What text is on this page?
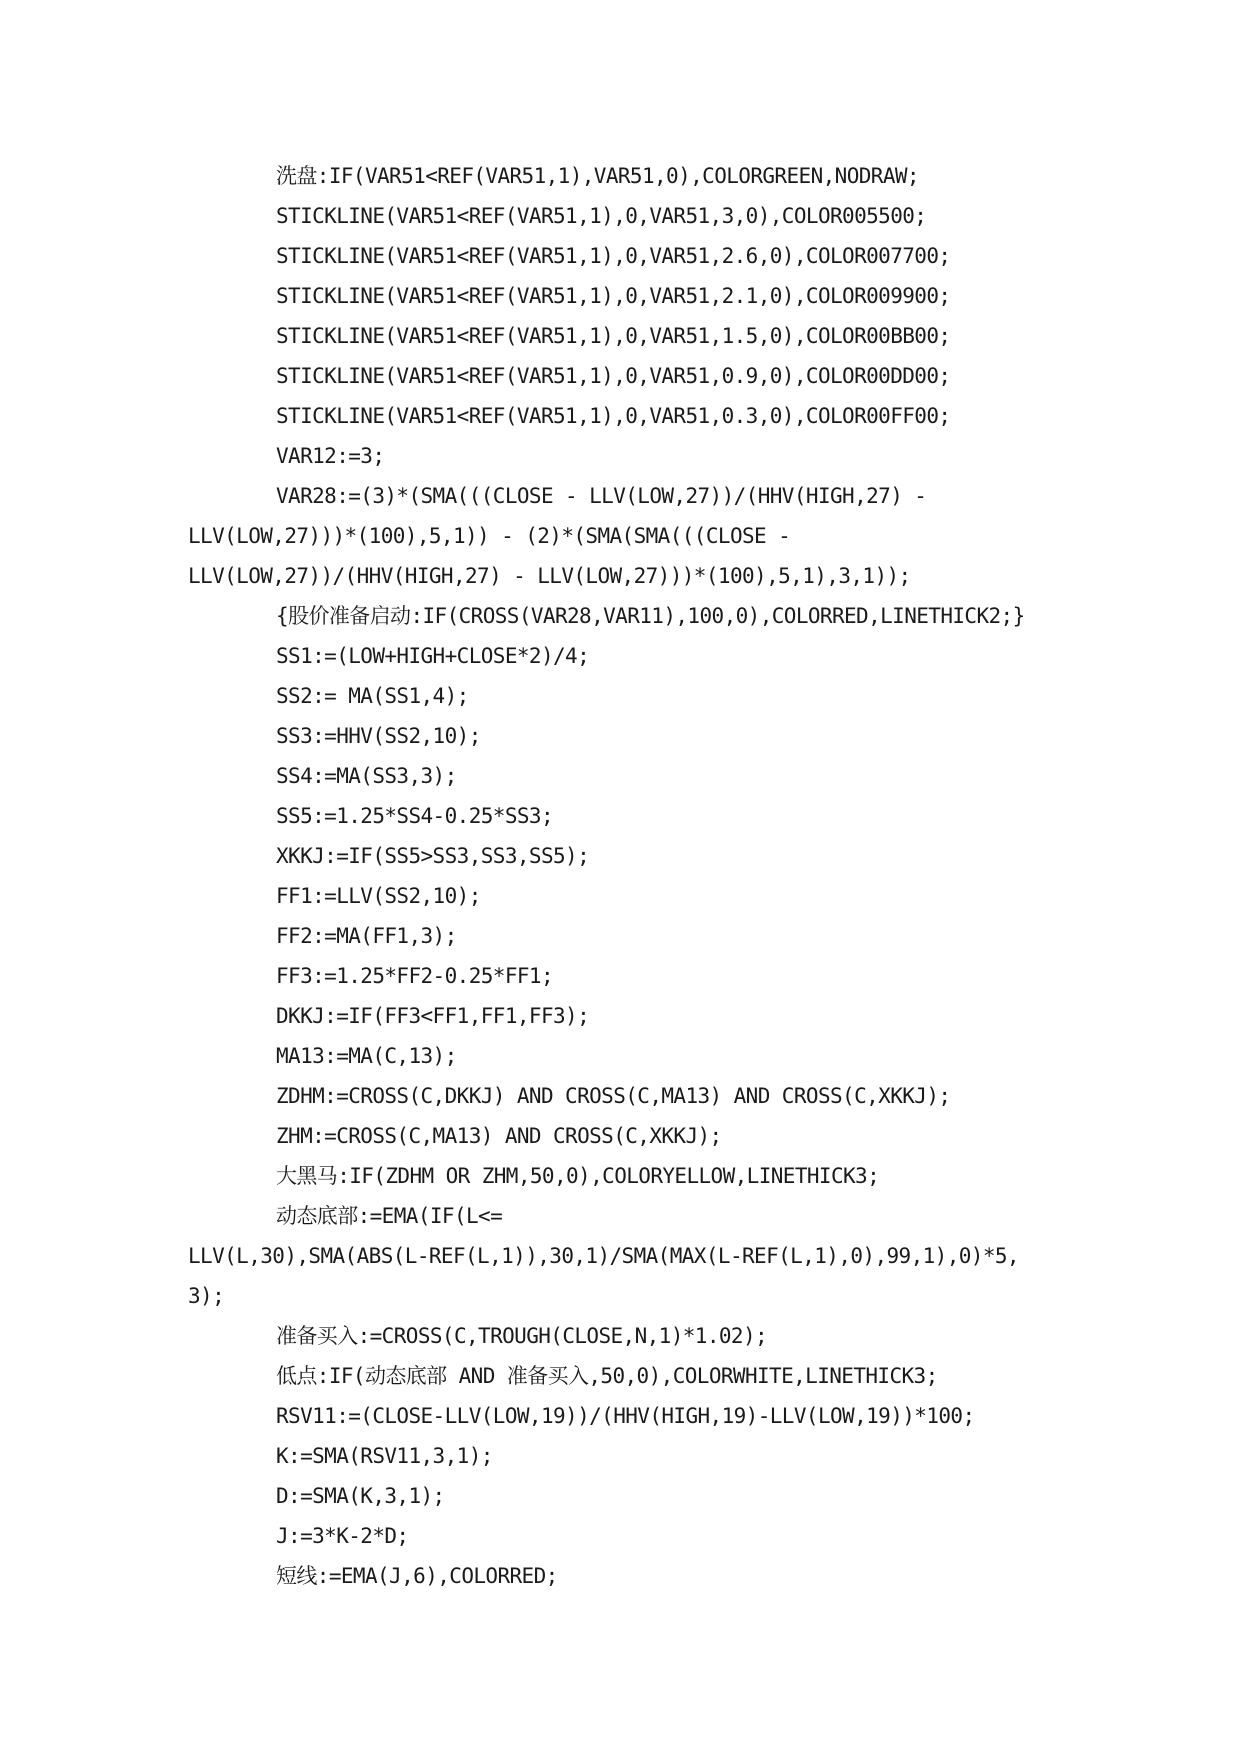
洗盘:IF(VAR51<REF(VAR51,1),VAR51,0),COLORGREEN,NODRAW;
STICKLINE(VAR51<REF(VAR51,1),0,VAR51,3,0),COLOR005500;
STICKLINE(VAR51<REF(VAR51,1),0,VAR51,2.6,0),COLOR007700;
STICKLINE(VAR51<REF(VAR51,1),0,VAR51,2.1,0),COLOR009900;
STICKLINE(VAR51<REF(VAR51,1),0,VAR51,1.5,0),COLOR00BB00;
STICKLINE(VAR51<REF(VAR51,1),0,VAR51,0.9,0),COLOR00DD00;
STICKLINE(VAR51<REF(VAR51,1),0,VAR51,0.3,0),COLOR00FF00;
VAR12:=3;
VAR28:=(3)*(SMA(((CLOSE - LLV(LOW,27))/(HHV(HIGH,27) -
LLV(LOW,27)))*(100),5,1)) - (2)*(SMA(SMA(((CLOSE -
LLV(LOW,27))/(HHV(HIGH,27) - LLV(LOW,27)))*(100),5,1),3,1));
{股价准备启动:IF(CROSS(VAR28,VAR11),100,0),COLORRED,LINETHICK2;}
SS1:=(LOW+HIGH+CLOSE*2)/4;
SS2:= MA(SS1,4);
SS3:=HHV(SS2,10);
SS4:=MA(SS3,3);
SS5:=1.25*SS4-0.25*SS3;
XKKJ:=IF(SS5>SS3,SS3,SS5);
FF1:=LLV(SS2,10);
FF2:=MA(FF1,3);
FF3:=1.25*FF2-0.25*FF1;
DKKJ:=IF(FF3<FF1,FF1,FF3);
MA13:=MA(C,13);
ZDHM:=CROSS(C,DKKJ) AND CROSS(C,MA13) AND CROSS(C,XKKJ);
ZHM:=CROSS(C,MA13) AND CROSS(C,XKKJ);
大黑马:IF(ZDHM OR ZHM,50,0),COLORYELLOW,LINETHICK3;
动态底部:=EMA(IF(L<=
LLV(L,30),SMA(ABS(L-REF(L,1)),30,1)/SMA(MAX(L-REF(L,1),0),99,1),0)*5,
3);
准备买入:=CROSS(C,TROUGH(CLOSE,N,1)*1.02);
低点:IF(动态底部 AND 准备买入,50,0),COLORWHITE,LINETHICK3;
RSV11:=(CLOSE-LLV(LOW,19))/(HHV(HIGH,19)-LLV(LOW,19))*100;
K:=SMA(RSV11,3,1);
D:=SMA(K,3,1);
J:=3*K-2*D;
短线:=EMA(J,6),COLORRED;
